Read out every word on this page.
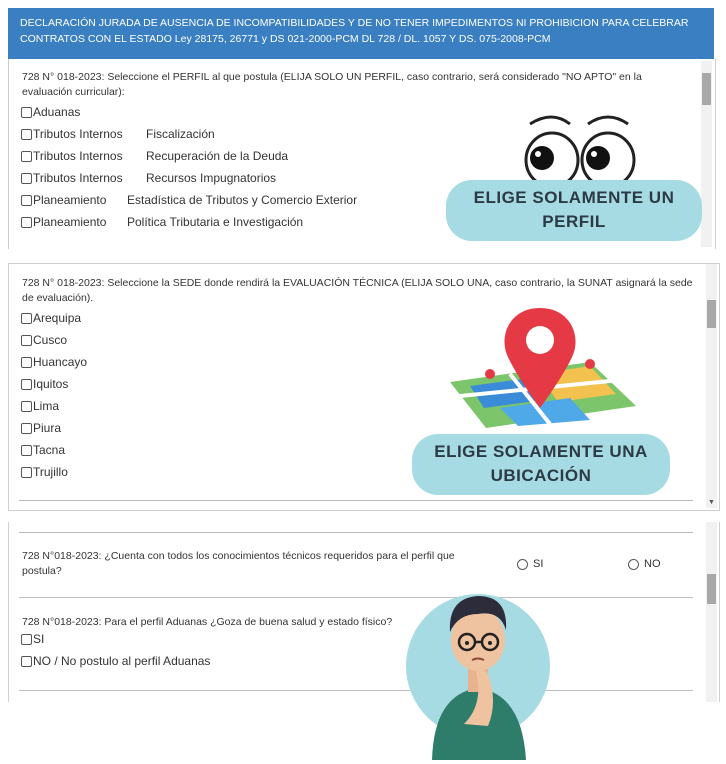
DECLARACIÓN JURADA DE AUSENCIA DE INCOMPATIBILIDADES Y DE NO TENER IMPEDIMENTOS NI PROHIBICION PARA CELEBRAR CONTRATOS CON EL ESTADO Ley 28175, 26771 y DS 021-2000-PCM DL 728 / DL. 1057 Y DS. 075-2008-PCM
728 N° 018-2023: Seleccione el PERFIL al que postula (ELIJA SOLO UN PERFIL, caso contrario, será considerado "NO APTO" en la evaluación curricular):
Aduanas
Tributos Internos	Fiscalización
Tributos Internos	Recuperación de la Deuda
Tributos Internos	Recursos Impugnatorios
Planeamiento	Estadística de Tributos y Comercio Exterior
Planeamiento	Política Tributaria e Investigación
ELIGE SOLAMENTE UN PERFIL
728 N° 018-2023: Seleccione la SEDE donde rendirá la EVALUACIÓN TÉCNICA (ELIJA SOLO UNA, caso contrario, la SUNAT asignará la sede de evaluación).
Arequipa
Cusco
Huancayo
Iquitos
Lima
Piura
Tacna
Trujillo
▼
ELIGE SOLAMENTE UNA UBICACIÓN
728 N°018-2023: ¿Cuenta con todos los conocimientos técnicos requeridos para el perfil que postula?
SI	NO
728 N°018-2023: Para el perfil Aduanas ¿Goza de buena salud y estado físico?
SI
NO / No postulo al perfil Aduanas
